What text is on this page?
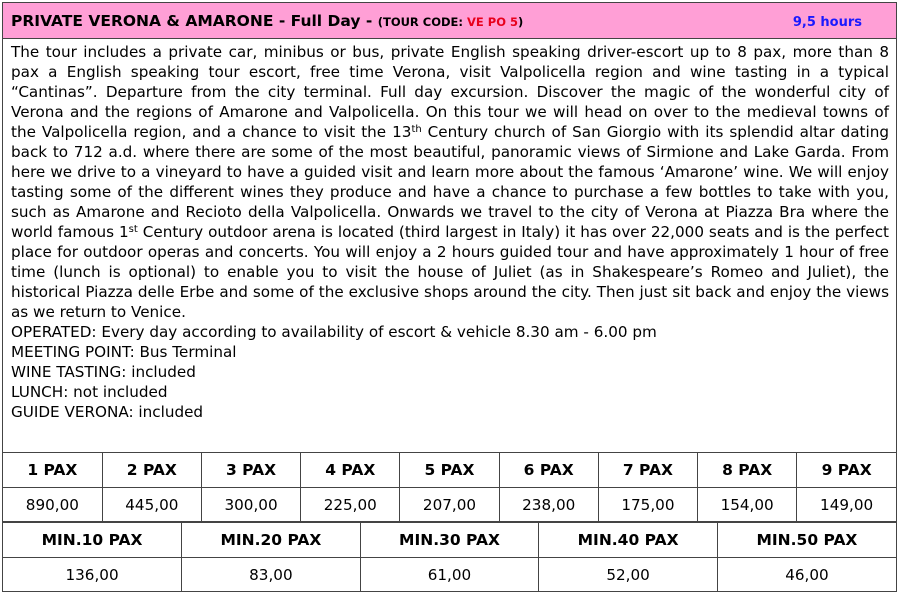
PRIVATE VERONA & AMARONE - Full Day - (TOUR CODE: VE PO 5)	9,5 hours

The tour includes a private car, minibus or bus, private English speaking driver-escort up to 8 pax, more than 8 pax a English speaking tour escort, free time Verona, visit Valpolicella region and wine tasting in a typical “Cantinas”. Departure from the city terminal. Full day excursion. Discover the magic of the wonderful city of Verona and the regions of Amarone and Valpolicella. On this tour we will head on over to the medieval towns of the Valpolicella region, and a chance to visit the 13th Century church of San Giorgio with its splendid altar dating back to 712 a.d. where there are some of the most beautiful, panoramic views of Sirmione and Lake Garda. From here we drive to a vineyard to have a guided visit and learn more about the famous ‘Amarone’ wine. We will enjoy tasting some of the different wines they produce and have a chance to purchase a few bottles to take with you, such as Amarone and Recioto della Valpolicella. Onwards we travel to the city of Verona at Piazza Bra where the world famous 1st Century outdoor arena is located (third largest in Italy) it has over 22,000 seats and is the perfect place for outdoor operas and concerts. You will enjoy a 2 hours guided tour and have approximately 1 hour of free time (lunch is optional) to enable you to visit the house of Juliet (as in Shakespeare’s Romeo and Juliet), the historical Piazza delle Erbe and some of the exclusive shops around the city. Then just sit back and enjoy the views as we return to Venice.

OPERATED: Every day according to availability of escort & vehicle 8.30 am - 6.00 pm

MEETING POINT: Bus Terminal

WINE TASTING: included

LUNCH: not included

GUIDE VERONA: included

1 PAX	2 PAX	3 PAX	4 PAX	5 PAX	6 PAX	7 PAX	8 PAX	9 PAX
890,00	445,00	300,00	225,00	207,00	238,00	175,00	154,00	149,00
MIN.10 PAX	MIN.20 PAX	MIN.30 PAX	MIN.40 PAX	MIN.50 PAX
136,00	83,00	61,00	52,00	46,00
